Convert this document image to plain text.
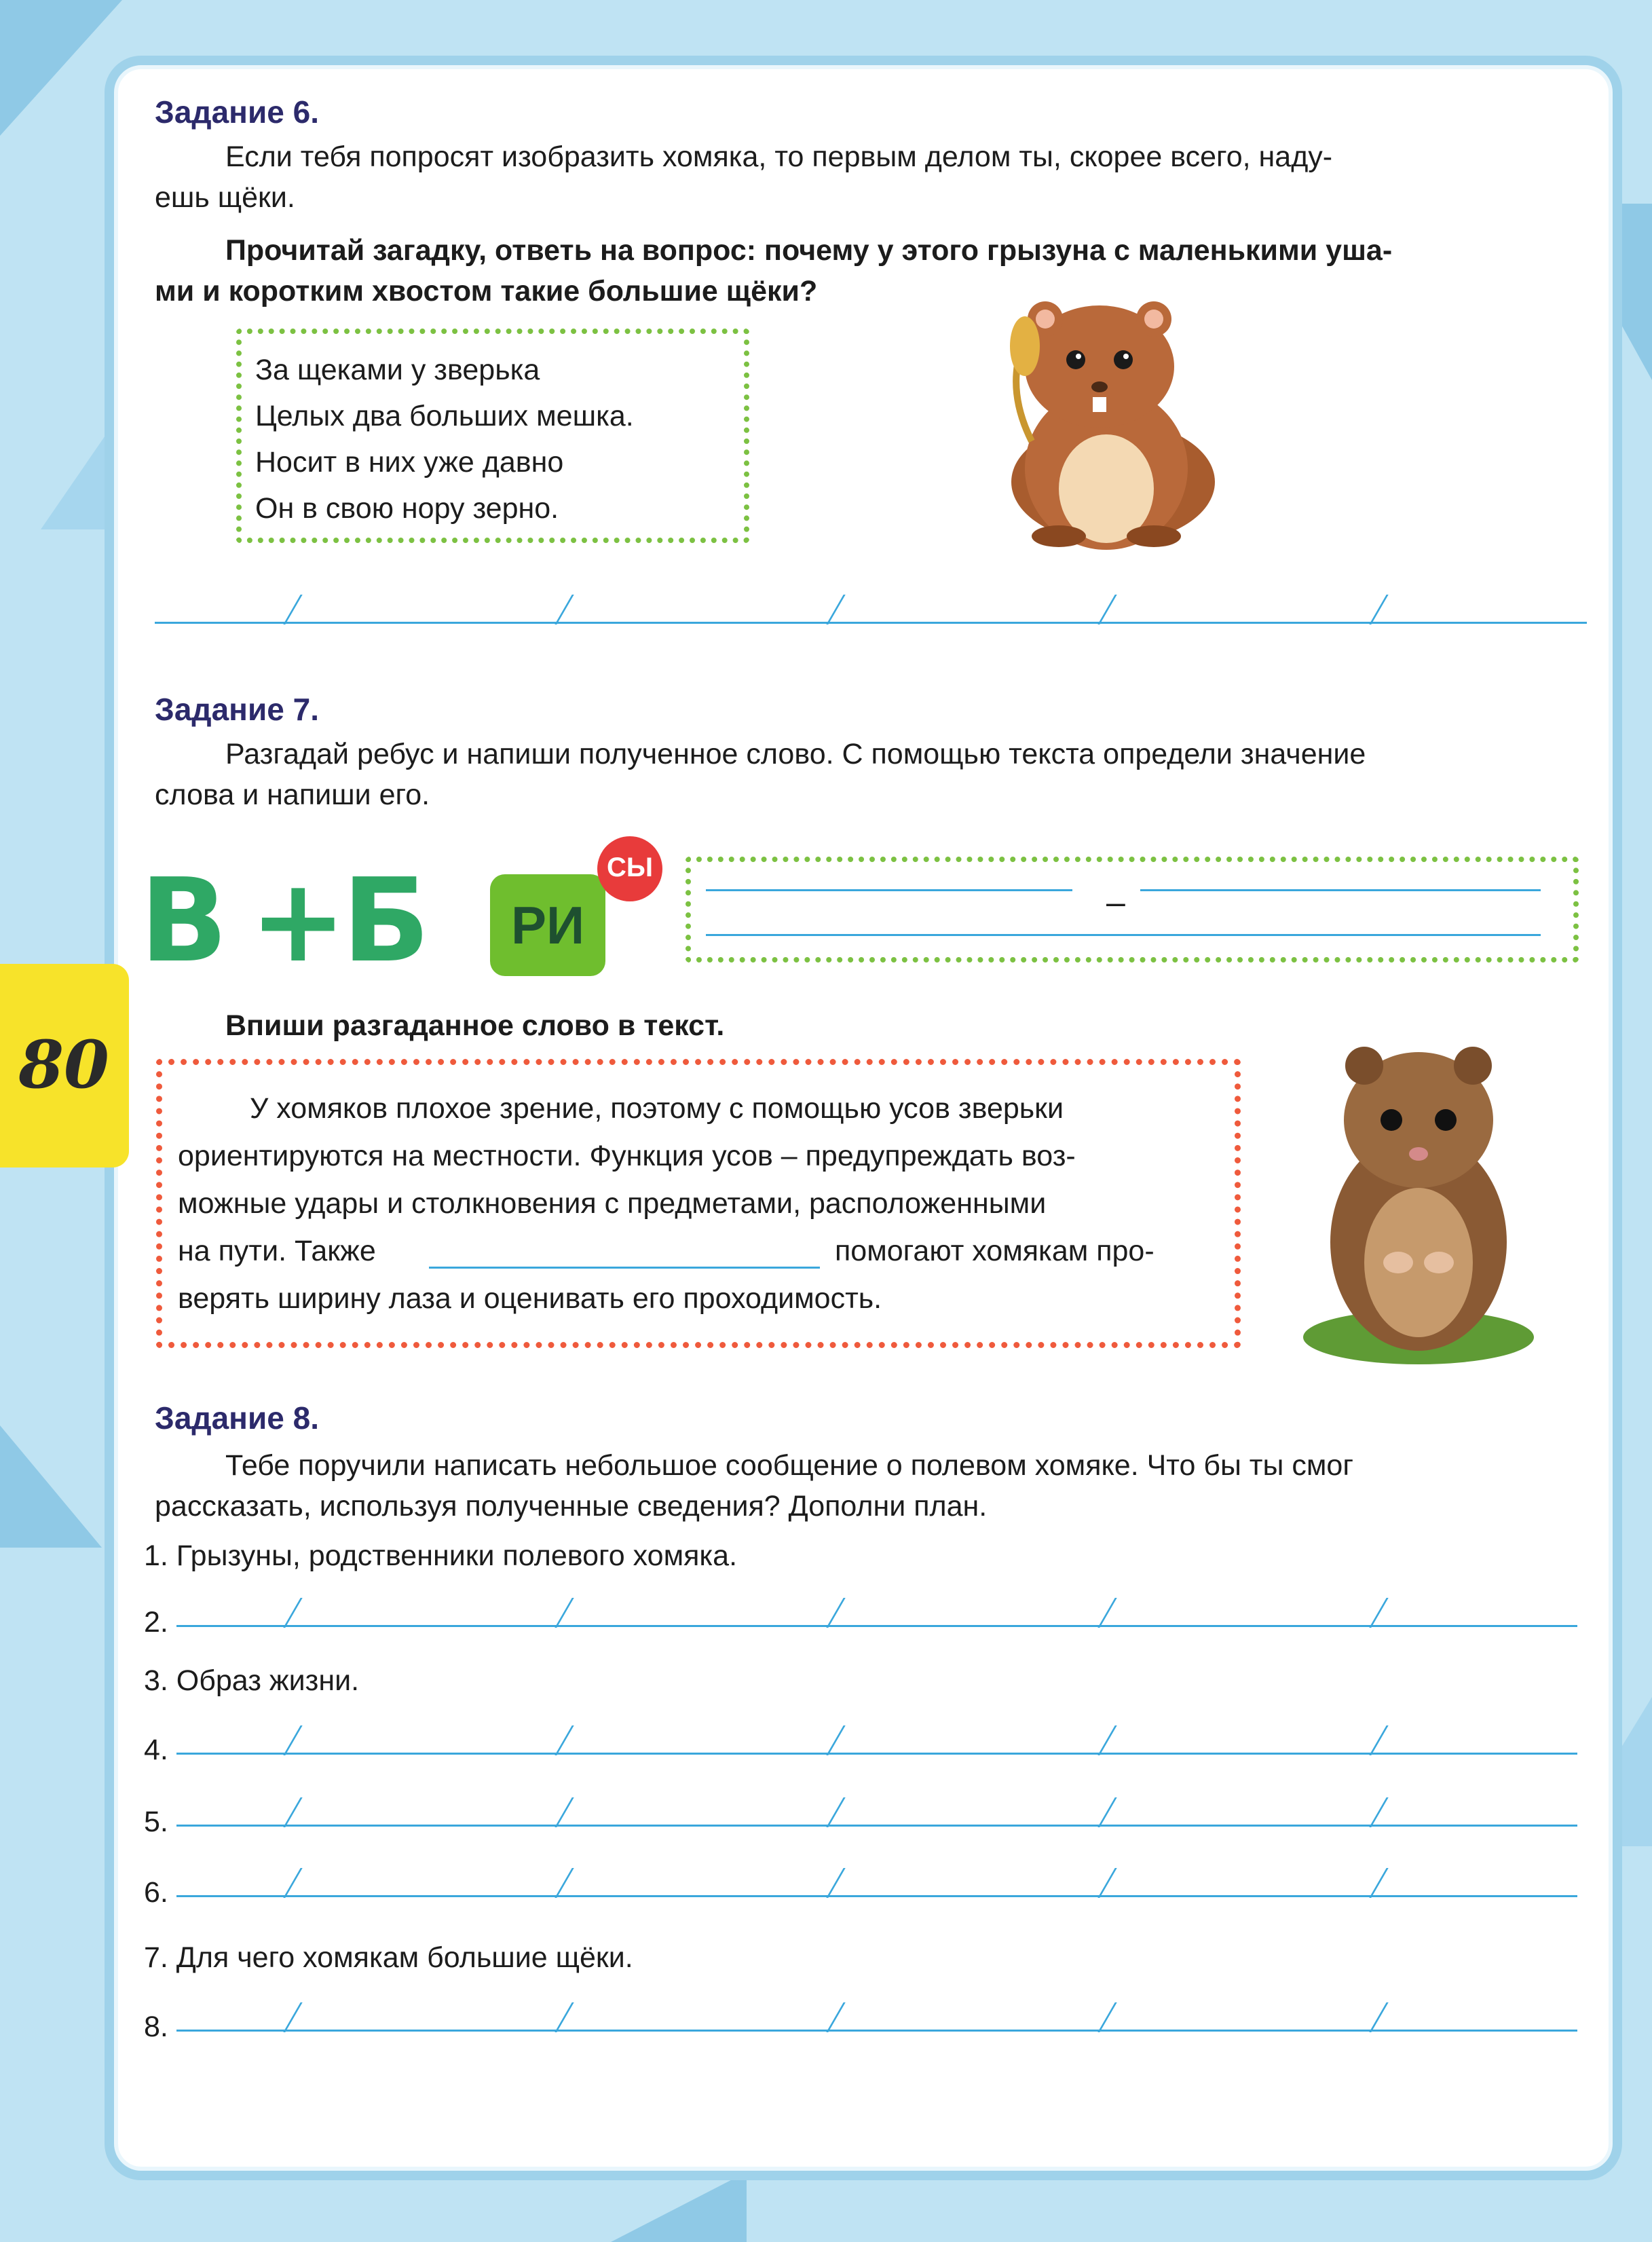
80
Задание 6.
Если тебя попросят изобразить хомяка, то первым делом ты, скорее всего, наду-
ешь щёки.
Прочитай загадку, ответь на вопрос: почему у этого грызуна с маленькими уша-
ми и коротким хвостом такие большие щёки?
За щеками у зверька
Целых два больших мешка.
Носит в них уже давно
Он в свою нору зерно.
Задание 7.
Разгадай ребус и напиши полученное слово. С помощью текста определи значение
слова и напиши его.
В +
Б	РИ
СЫ
–
Впиши разгаданное слово в текст.
У хомяков плохое зрение, поэтому с помощью усов зверьки
ориентируются на местности. Функция усов – предупреждать воз-
можные удары и столкновения с предметами, расположенными
на пути. Также	помогают хомякам про-
верять ширину лаза и оценивать его проходимость.
Задание 8.
Тебе поручили написать небольшое сообщение о полевом хомяке. Что бы ты смог
рассказать, используя полученные сведения? Дополни план.
1. Грызуны, родственники полевого хомяка.
2.
3. Образ жизни.
4.
5.
6.
7. Для чего хомякам большие щёки.
8.
